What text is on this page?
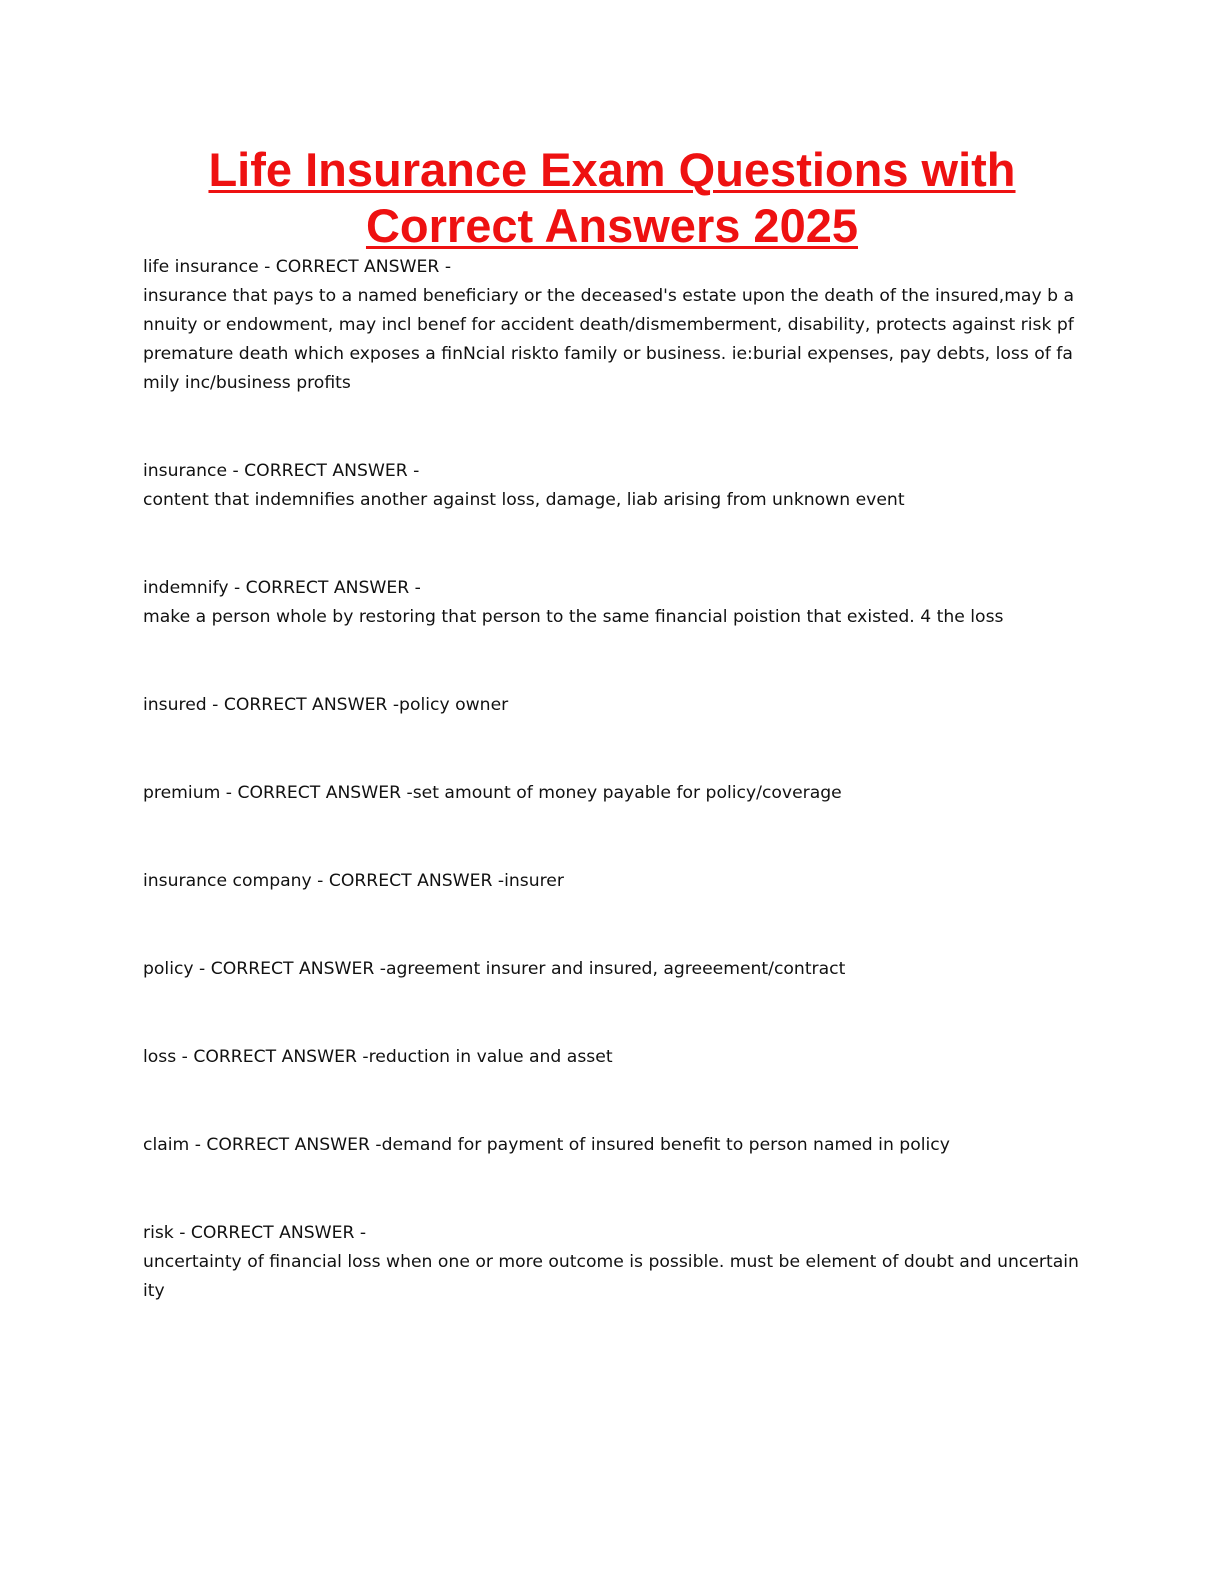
Life Insurance Exam Questions with
Correct Answers 2025
life insurance - CORRECT ANSWER -
insurance that pays to a named beneficiary or the deceased's estate upon the death of the insured,may b annuity or endowment, may incl benef for accident death/dismemberment, disability, protects against risk pf premature death which exposes a finNcial riskto family or business. ie:burial expenses, pay debts, loss of family inc/business profits
insurance - CORRECT ANSWER -
content that indemnifies another against loss, damage, liab arising from unknown event
indemnify - CORRECT ANSWER -
make a person whole by restoring that person to the same financial poistion that existed. 4 the loss
insured - CORRECT ANSWER -policy owner
premium - CORRECT ANSWER -set amount of money payable for policy/coverage
insurance company - CORRECT ANSWER -insurer
policy - CORRECT ANSWER -agreement insurer and insured, agreeement/contract
loss - CORRECT ANSWER -reduction in value and asset
claim - CORRECT ANSWER -demand for payment of insured benefit to person named in policy
risk - CORRECT ANSWER -
uncertainty of financial loss when one or more outcome is possible. must be element of doubt and uncertainity
